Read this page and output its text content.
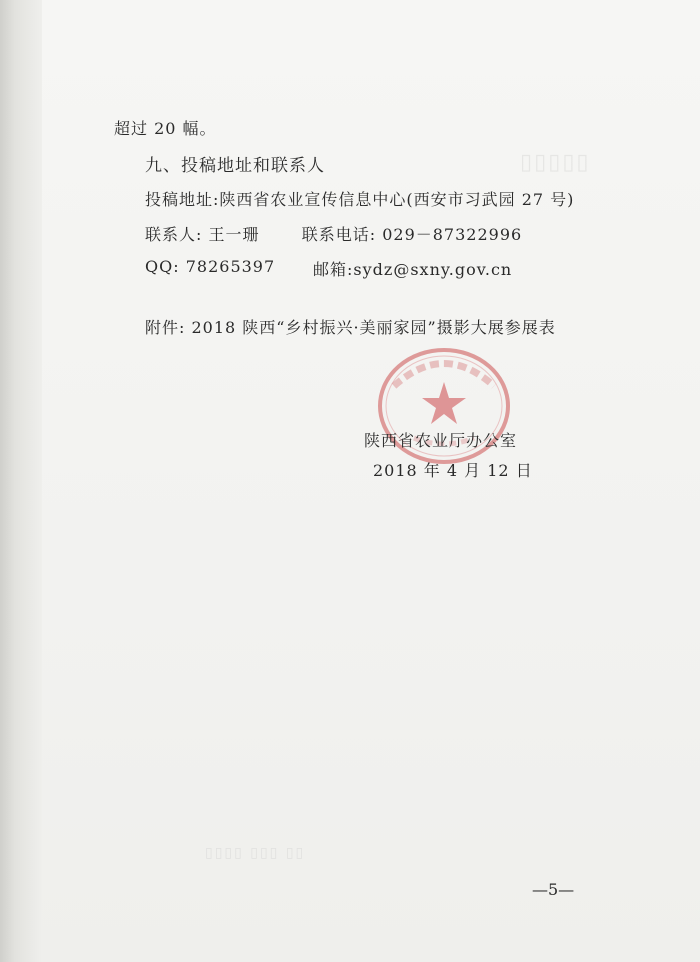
▯▯▯▯▯
▯▯▯▯ ▯▯▯ ▯▯
超过 20 幅。
九、投稿地址和联系人
投稿地址:陕西省农业宣传信息中心(西安市习武园 27 号)
联系人: 王一珊	联系电话: 029－87322996
QQ: 78265397 邮箱:sydz@sxny.gov.cn
附件: 2018 陕西“乡村振兴·美丽家园”摄影大展参展表
陕西省农业厅办公室
2018 年 4 月 12 日
—5—
